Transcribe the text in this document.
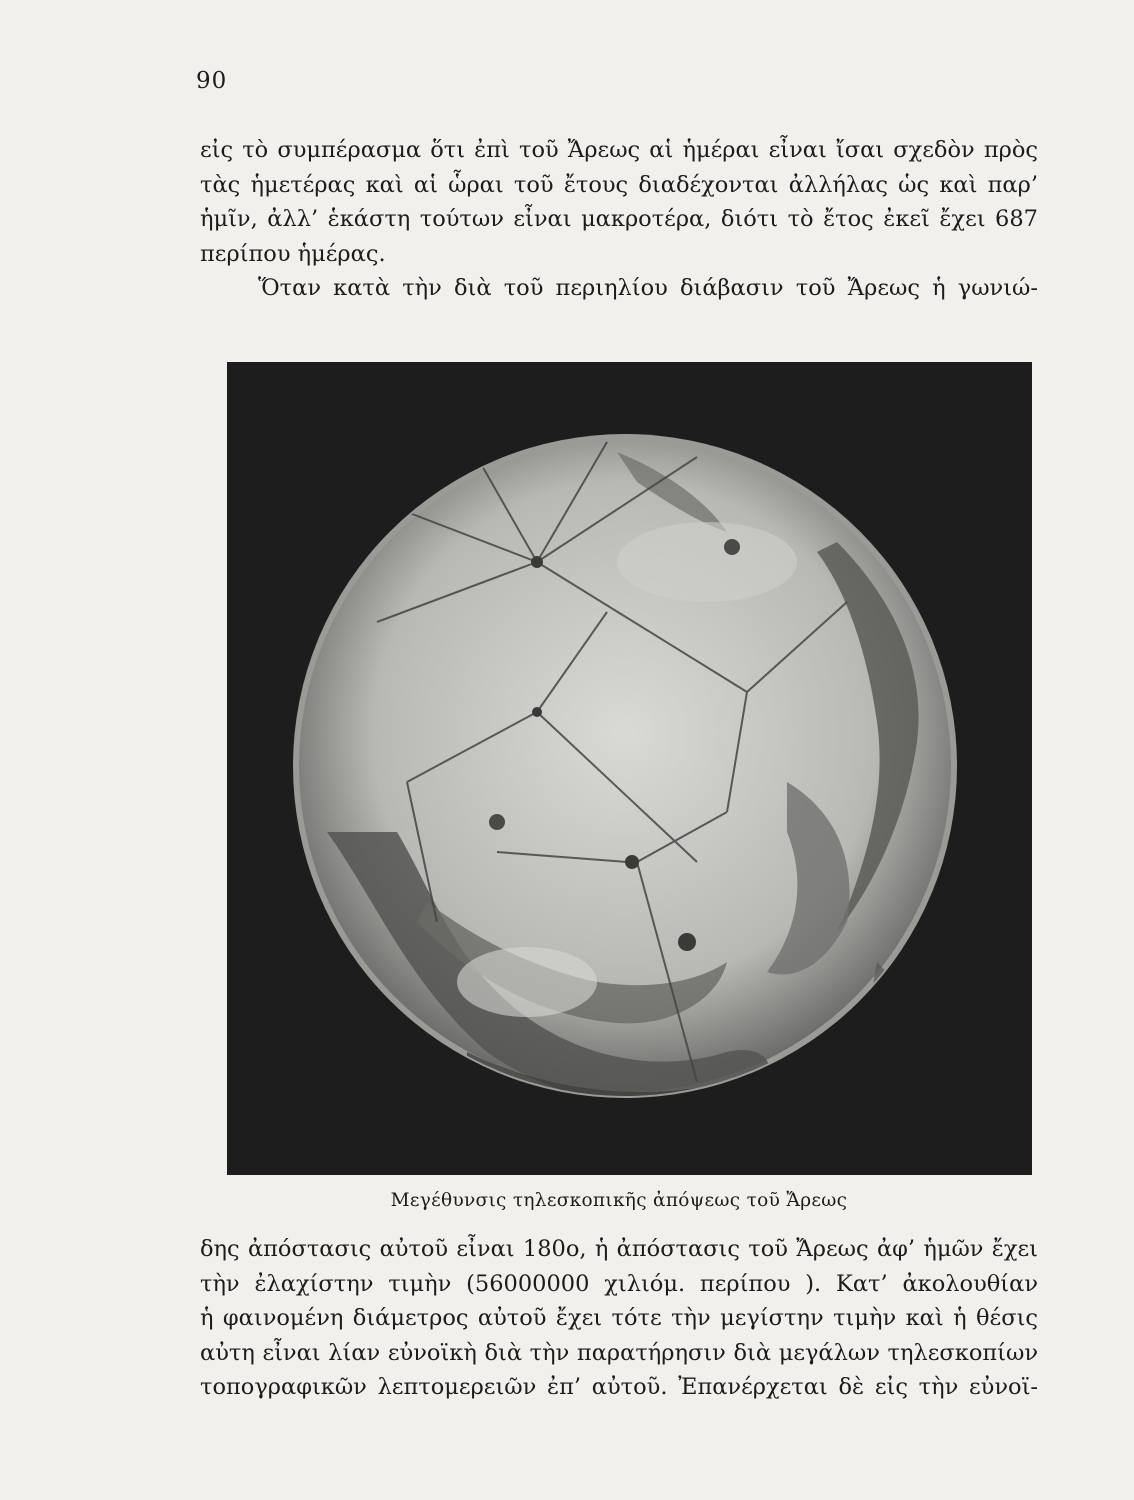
90
εἰς τὸ συμπέρασμα ὅτι ἐπὶ τοῦ Ἄρεως αἱ ἡμέραι εἶναι ἴσαι σχεδὸν πρὸς
τὰς ἡμετέρας καὶ αἱ ὧραι τοῦ ἔτους διαδέχονται ἀλλήλας ὡς καὶ παρ’
ἡμῖν, ἀλλ’ ἑκάστη τούτων εἶναι μακροτέρα, διότι τὸ ἔτος ἐκεῖ ἔχει 687
περίπου ἡμέρας.
Ὅταν κατὰ τὴν διὰ τοῦ περιηλίου διάβασιν τοῦ Ἄρεως ἡ γωνιώ-
Μεγέθυνσις τηλεσκοπικῆς ἀπόψεως τοῦ Ἄρεως
δης ἀπόστασις αὐτοῦ εἶναι 180ο, ἡ ἀπόστασις τοῦ Ἄρεως ἀφ’ ἡμῶν ἔχει
τὴν ἐλαχίστην τιμὴν (56000000 χιλιόμ. περίπου ). Κατ’ ἀκολουθίαν
ἡ φαινομένη διάμετρος αὐτοῦ ἔχει τότε τὴν μεγίστην τιμὴν καὶ ἡ θέσις
αὐτη εἶναι λίαν εὐνοϊκὴ διὰ τὴν παρατήρησιν διὰ μεγάλων τηλεσκοπίων
τοπογραφικῶν λεπτομερειῶν ἐπ’ αὐτοῦ. Ἐπανέρχεται δὲ εἰς τὴν εὐνοϊ-
